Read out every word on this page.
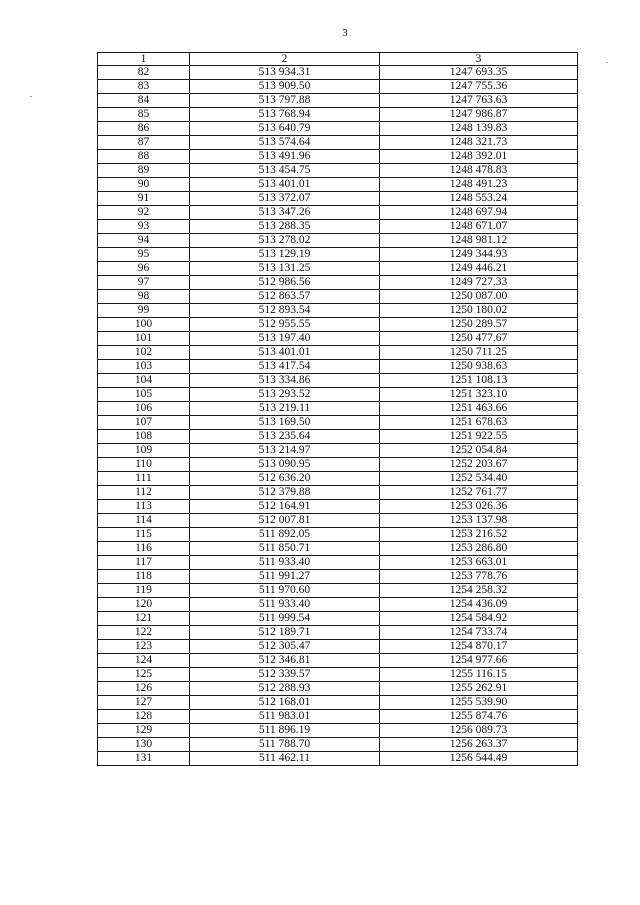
3
1	2	3
82	513 934.31	1247 693.35
83	513 909.50	1247 755.36
84	513 797.88	1247 763.63
85	513 768.94	1247 986.87
86	513 640.79	1248 139.83
87	513 574.64	1248 321.73
88	513 491.96	1248 392.01
89	513 454.75	1248 478.83
90	513 401.01	1248 491.23
91	513 372.07	1248 553.24
92	513 347.26	1248 697.94
93	513 288.35	1248 671.07
94	513 278.02	1248 981.12
95	513 129.19	1249 344.93
96	513 131.25	1249 446.21
97	512 986.56	1249 727.33
98	512 863.57	1250 087.00
99	512 893.54	1250 180.02
100	512 955.55	1250 289.57
101	513 197.40	1250 477.67
102	513 401.01	1250 711.25
103	513 417.54	1250 938.63
104	513 334.86	1251 108.13
105	513 293.52	1251 323.10
106	513 219.11	1251 463.66
107	513 169.50	1251 678.63
108	513 235.64	1251 922.55
109	513 214.97	1252 054.84
110	513 090.95	1252 203.67
111	512 636.20	1252 534.40
112	512 379.88	1252 761.77
113	512 164.91	1253 026.36
114	512 007.81	1253 137.98
115	511 892.05	1253 216.52
116	511 850.71	1253 286.80
117	511 933.40	1253 663.01
118	511 991.27	1253 778.76
119	511 970.60	1254 258.32
120	511 933.40	1254 436.09
121	511 999.54	1254 584.92
122	512 189.71	1254 733.74
123	512 305.47	1254 870.17
124	512 346.81	1254 977.66
125	512 339.57	1255 116.15
126	512 288.93	1255 262.91
127	512 168.01	1255 539.90
128	511 983.01	1255 874.76
129	511 896.19	1256 089.73
130	511 788.70	1256 263.37
131	511 462.11	1256 544.49
